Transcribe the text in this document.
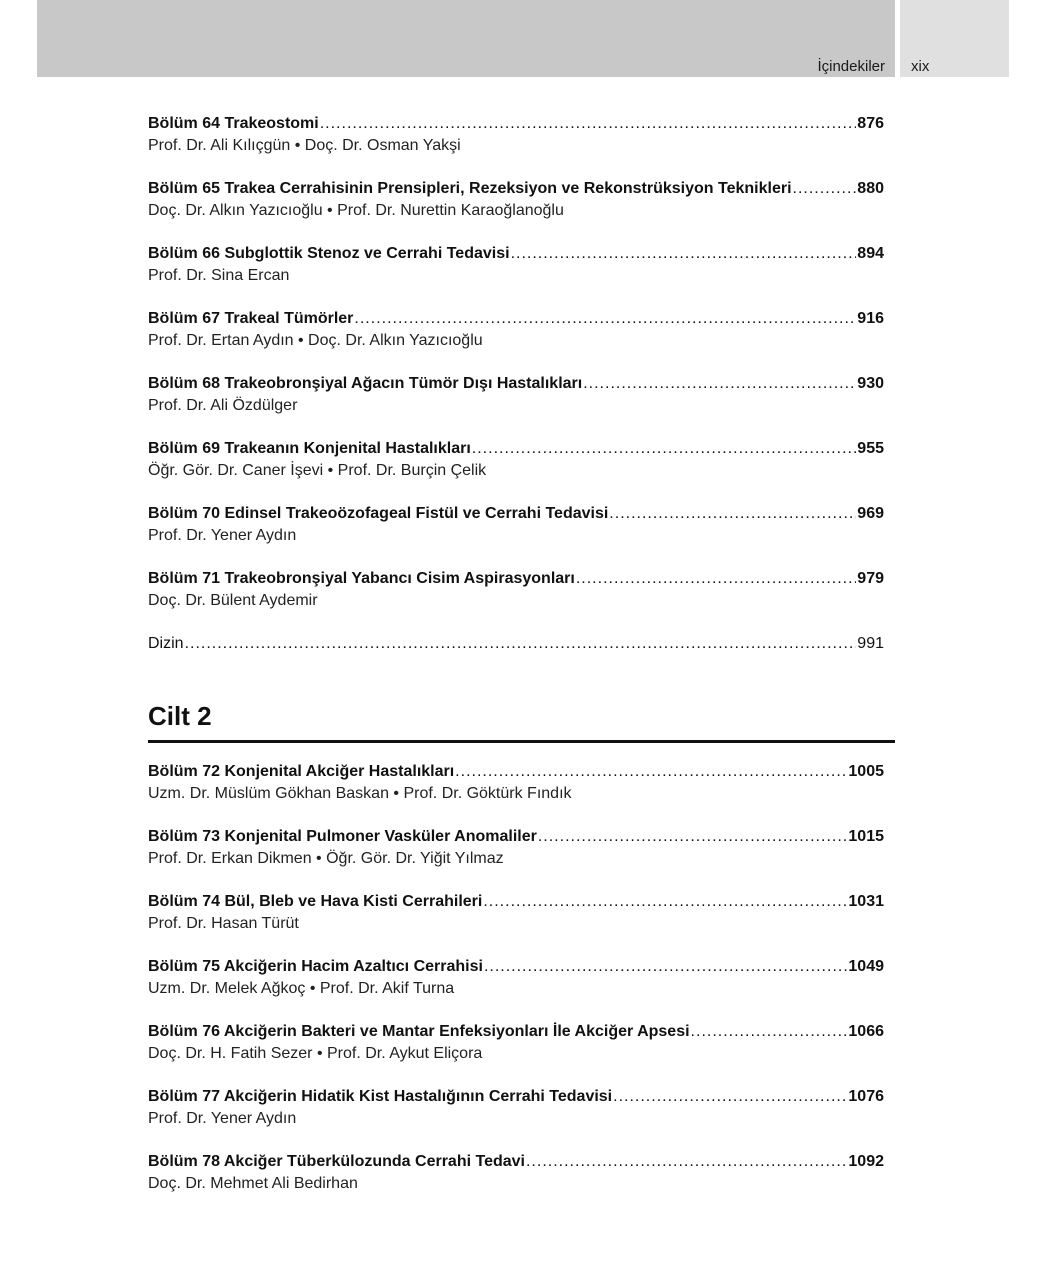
İçindekiler xix
Bölüm 64 Trakeostomi .....	876
Prof. Dr. Ali Kılıçgün • Doç. Dr. Osman Yakşi
Bölüm 65 Trakea Cerrahisinin Prensipleri, Rezeksiyon ve Rekonstrüksiyon Teknikleri .....	880
Doç. Dr. Alkın Yazıcıoğlu • Prof. Dr. Nurettin Karaoğlanoğlu
Bölüm 66 Subglottik Stenoz ve Cerrahi Tedavisi .....	894
Prof. Dr. Sina Ercan
Bölüm 67 Trakeal Tümörler .....	916
Prof. Dr. Ertan Aydın • Doç. Dr. Alkın Yazıcıoğlu
Bölüm 68 Trakeobronşiyal Ağacın Tümör Dışı Hastalıkları .....	930
Prof. Dr. Ali Özdülger
Bölüm 69 Trakeanın Konjenital Hastalıkları .....	955
Öğr. Gör. Dr. Caner İşevi • Prof. Dr. Burçin Çelik
Bölüm 70 Edinsel Trakeoözofageal Fistül ve Cerrahi Tedavisi .....	969
Prof. Dr. Yener Aydın
Bölüm 71 Trakeobronşiyal Yabancı Cisim Aspirasyonları .....	979
Doç. Dr. Bülent Aydemir
Dizin .....	991
Cilt 2
Bölüm 72 Konjenital Akciğer Hastalıkları .....	1005
Uzm. Dr. Müslüm Gökhan Baskan • Prof. Dr. Göktürk Fındık
Bölüm 73 Konjenital Pulmoner Vasküler Anomaliler .....	1015
Prof. Dr. Erkan Dikmen • Öğr. Gör. Dr. Yiğit Yılmaz
Bölüm 74 Bül, Bleb ve Hava Kisti Cerrahileri .....	1031
Prof. Dr. Hasan Türüt
Bölüm 75 Akciğerin Hacim Azaltıcı Cerrahisi .....	1049
Uzm. Dr. Melek Ağkoç • Prof. Dr. Akif Turna
Bölüm 76 Akciğerin Bakteri ve Mantar Enfeksiyonları İle Akciğer Apsesi .....	1066
Doç. Dr. H. Fatih Sezer • Prof. Dr. Aykut Eliçora
Bölüm 77 Akciğerin Hidatik Kist Hastalığının Cerrahi Tedavisi .....	1076
Prof. Dr. Yener Aydın
Bölüm 78 Akciğer Tüberkülozunda Cerrahi Tedavi .....	1092
Doç. Dr. Mehmet Ali Bedirhan
